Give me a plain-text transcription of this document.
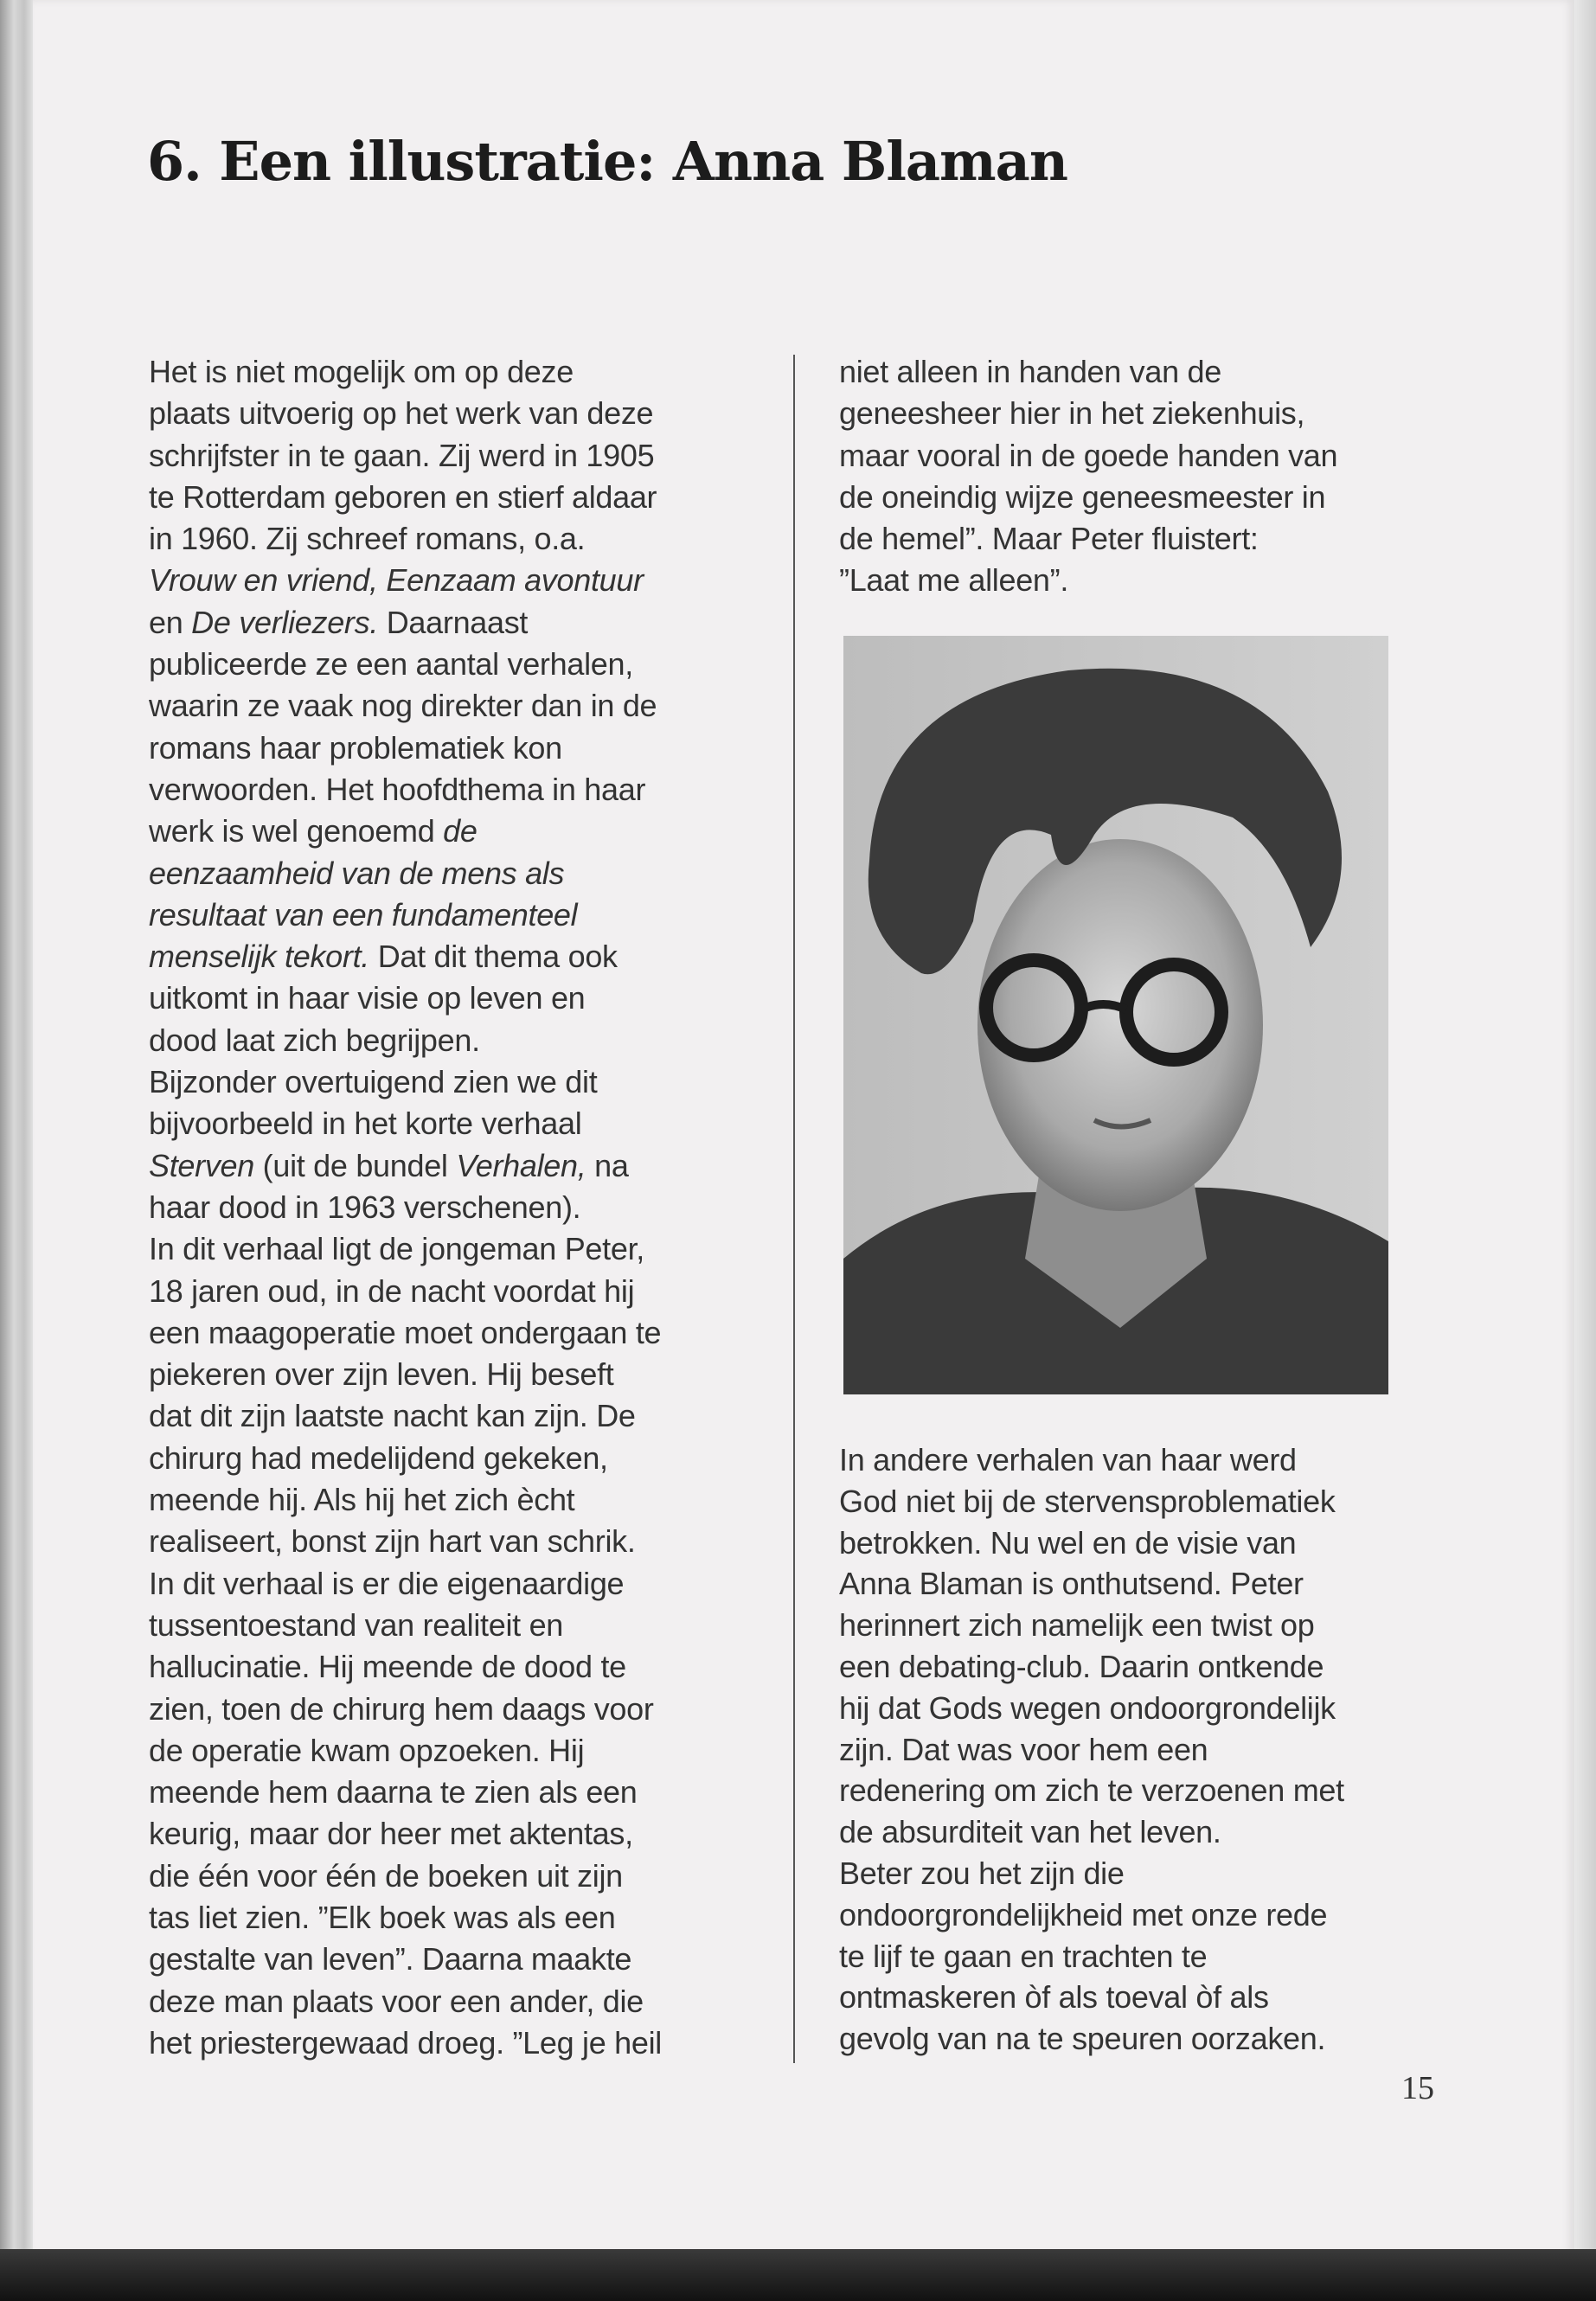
6. Een illustratie: Anna Blaman
Het is niet mogelijk om op deze
plaats uitvoerig op het werk van deze
schrijfster in te gaan. Zij werd in 1905
te Rotterdam geboren en stierf aldaar
in 1960. Zij schreef romans, o.a.
Vrouw en vriend, Eenzaam avontuur
en De verliezers. Daarnaast
publiceerde ze een aantal verhalen,
waarin ze vaak nog direkter dan in de
romans haar problematiek kon
verwoorden. Het hoofdthema in haar
werk is wel genoemd de
eenzaamheid van de mens als
resultaat van een fundamenteel
menselijk tekort. Dat dit thema ook
uitkomt in haar visie op leven en
dood laat zich begrijpen.
Bijzonder overtuigend zien we dit
bijvoorbeeld in het korte verhaal
Sterven (uit de bundel Verhalen, na
haar dood in 1963 verschenen).
In dit verhaal ligt de jongeman Peter,
18 jaren oud, in de nacht voordat hij
een maagoperatie moet ondergaan te
piekeren over zijn leven. Hij beseft
dat dit zijn laatste nacht kan zijn. De
chirurg had medelijdend gekeken,
meende hij. Als hij het zich ècht
realiseert, bonst zijn hart van schrik.
In dit verhaal is er die eigenaardige
tussentoestand van realiteit en
hallucinatie. Hij meende de dood te
zien, toen de chirurg hem daags voor
de operatie kwam opzoeken. Hij
meende hem daarna te zien als een
keurig, maar dor heer met aktentas,
die één voor één de boeken uit zijn
tas liet zien. ”Elk boek was als een
gestalte van leven”. Daarna maakte
deze man plaats voor een ander, die
het priestergewaad droeg. ”Leg je heil
niet alleen in handen van de
geneesheer hier in het ziekenhuis,
maar vooral in de goede handen van
de oneindig wijze geneesmeester in
de hemel”. Maar Peter fluistert:
”Laat me alleen”.
In andere verhalen van haar werd
God niet bij de stervensproblematiek
betrokken. Nu wel en de visie van
Anna Blaman is onthutsend. Peter
herinnert zich namelijk een twist op
een debating-club. Daarin ontkende
hij dat Gods wegen ondoorgrondelijk
zijn. Dat was voor hem een
redenering om zich te verzoenen met
de absurditeit van het leven.
Beter zou het zijn die
ondoorgrondelijkheid met onze rede
te lijf te gaan en trachten te
ontmaskeren òf als toeval òf als
gevolg van na te speuren oorzaken.
15
